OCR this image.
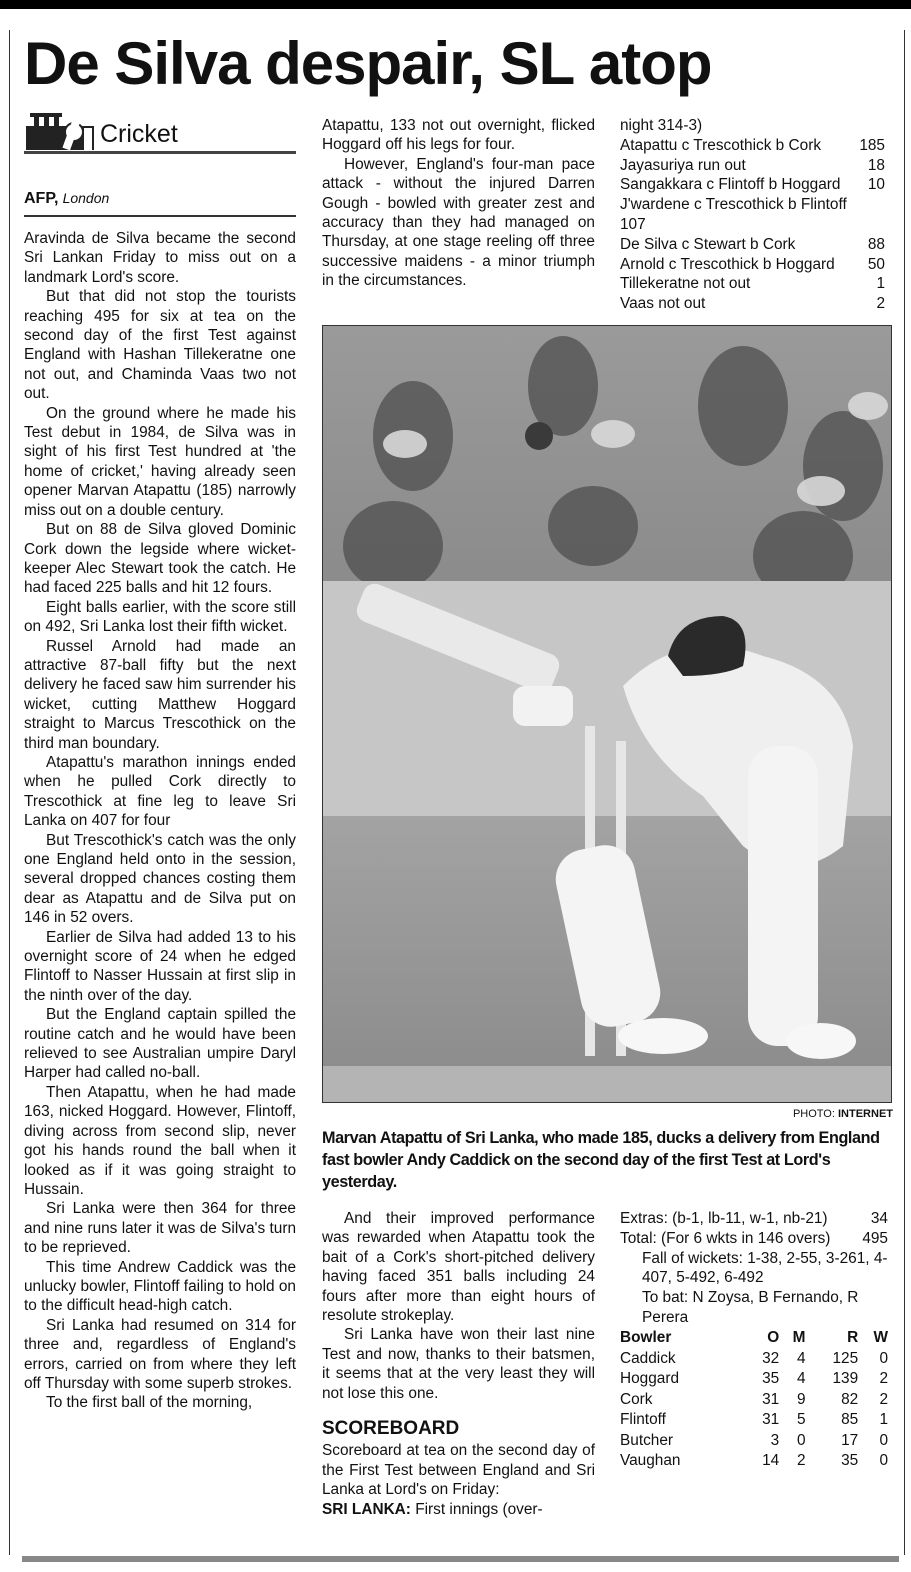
De Silva despair, SL atop
Cricket
AFP, London

Aravinda de Silva became the second Sri Lankan Friday to miss out on a landmark Lord's score.

But that did not stop the tourists reaching 495 for six at tea on the second day of the first Test against England with Hashan Tillekeratne one not out, and Chaminda Vaas two not out.

On the ground where he made his Test debut in 1984, de Silva was in sight of his first Test hundred at 'the home of cricket,' having already seen opener Marvan Atapattu (185) narrowly miss out on a double century.

But on 88 de Silva gloved Dominic Cork down the legside where wicket-keeper Alec Stewart took the catch. He had faced 225 balls and hit 12 fours.

Eight balls earlier, with the score still on 492, Sri Lanka lost their fifth wicket.

Russel Arnold had made an attractive 87-ball fifty but the next delivery he faced saw him surrender his wicket, cutting Matthew Hoggard straight to Marcus Trescothick on the third man boundary.

Atapattu's marathon innings ended when he pulled Cork directly to Trescothick at fine leg to leave Sri Lanka on 407 for four

But Trescothick's catch was the only one England held onto in the session, several dropped chances costing them dear as Atapattu and de Silva put on 146 in 52 overs.

Earlier de Silva had added 13 to his overnight score of 24 when he edged Flintoff to Nasser Hussain at first slip in the ninth over of the day.

But the England captain spilled the routine catch and he would have been relieved to see Australian umpire Daryl Harper had called no-ball.

Then Atapattu, when he had made 163, nicked Hoggard. However, Flintoff, diving across from second slip, never got his hands round the ball when it looked as if it was going straight to Hussain.

Sri Lanka were then 364 for three and nine runs later it was de Silva's turn to be reprieved.

This time Andrew Caddick was the unlucky bowler, Flintoff failing to hold on to the difficult head-high catch.

Sri Lanka had resumed on 314 for three and, regardless of England's errors, carried on from where they left off Thursday with some superb strokes.

To the first ball of the morning,

Atapattu, 133 not out overnight, flicked Hoggard off his legs for four.

However, England's four-man pace attack - without the injured Darren Gough - bowled with greater zest and accuracy than they had managed on Thursday, at one stage reeling off three successive maidens - a minor triumph in the circumstances.

night 314-3)
Atapattu c Trescothick b Cork 185
Jayasuriya run out	18
Sangakkara c Flintoff b Hoggard 10
J'wardene c Trescothick b Flintoff
107
De Silva c Stewart b Cork	88
Arnold c Trescothick b Hoggard 50
Tillekeratne not out	1
Vaas not out	2
PHOTO: INTERNET
Marvan Atapattu of Sri Lanka, who made 185, ducks a delivery from England fast bowler Andy Caddick on the second day of the first Test at Lord's yesterday.

And their improved performance was rewarded when Atapattu took the bait of a Cork's short-pitched delivery having faced 351 balls including 24 fours after more than eight hours of resolute strokeplay.

Sri Lanka have won their last nine Test and now, thanks to their batsmen, it seems that at the very least they will not lose this one.

SCOREBOARD
Scoreboard at tea on the second day of the First Test between England and Sri Lanka at Lord's on Friday:
SRI LANKA: First innings (over-
Extras: (b-1, lb-11, w-1, nb-21)	34
Total: (For 6 wkts in 146 overs) 495
Fall of wickets: 1-38, 2-55, 3-261, 4-407, 5-492, 6-492
To bat: N Zoysa, B Fernando, R Perera
Bowler	O	M	R	W
Caddick	32	4	125	0
Hoggard	35	4	139	2
Cork	31	9	82	2
Flintoff	31	5	85	1
Butcher	3	0	17	0
Vaughan	14	2	35	0
